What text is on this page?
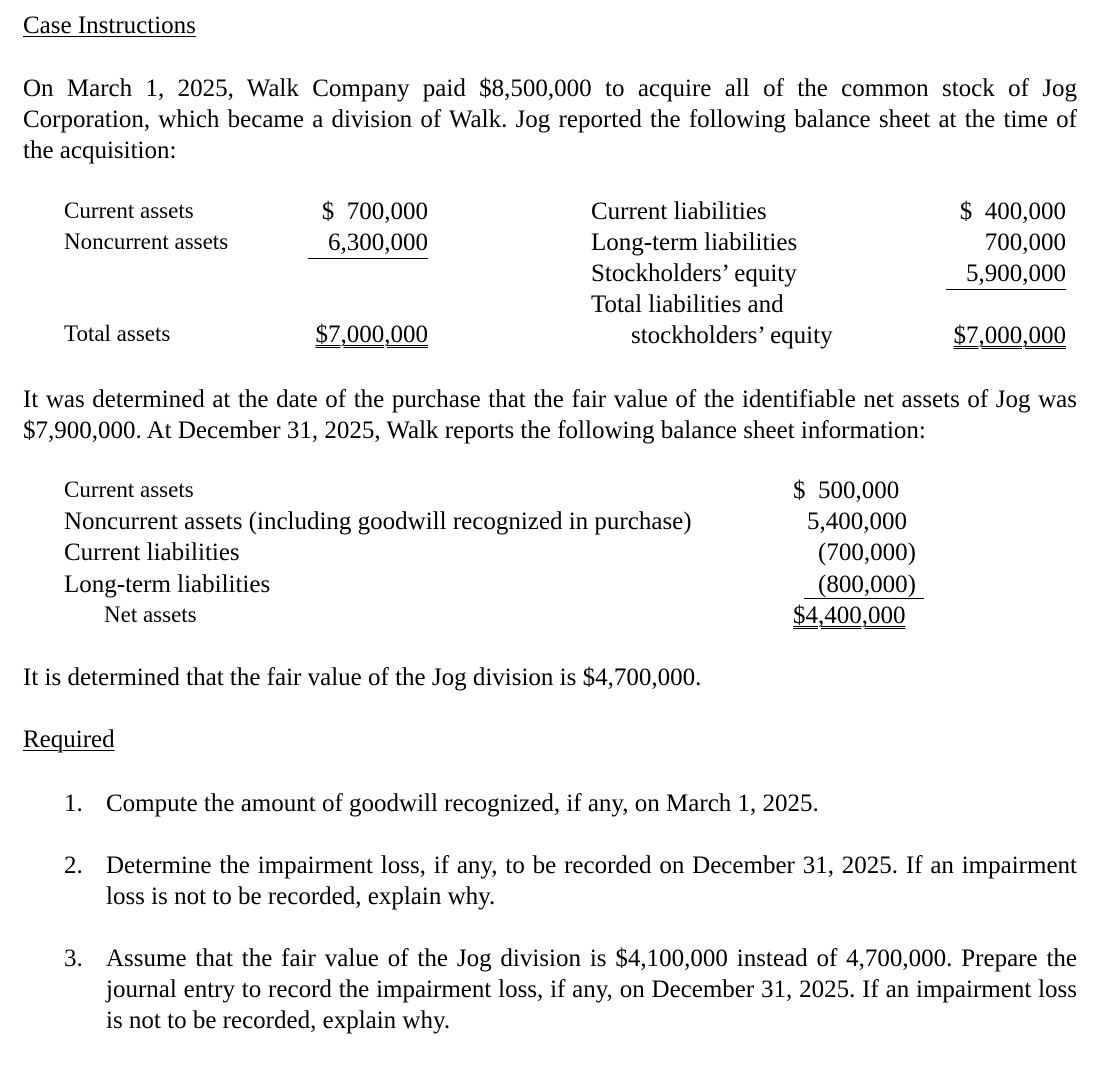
Case Instructions
On March 1, 2025, Walk Company paid $8,500,000 to acquire all of the common stock of Jog Corporation, which became a division of Walk. Jog reported the following balance sheet at the time of the acquisition:
Current assets
Noncurrent assets
Total assets
$  700,000
6,300,000
$7,000,000
Current liabilities
Long-term liabilities
Stockholders’ equity
Total liabilities and
stockholders’ equity
$  400,000
700,000
5,900,000
$7,000,000
It was determined at the date of the purchase that the fair value of the identifiable net assets of Jog was $7,900,000. At December 31, 2025, Walk reports the following balance sheet information:
Current assets
Noncurrent assets (including goodwill recognized in purchase)
Current liabilities
Long-term liabilities
Net assets
$  500,000
5,400,000
(700,000)
(800,000)
$4,400,000
It is determined that the fair value of the Jog division is $4,700,000.
Required
1. Compute the amount of goodwill recognized, if any, on March 1, 2025.
2. Determine the impairment loss, if any, to be recorded on December 31, 2025. If an impairment loss is not to be recorded, explain why.
3. Assume that the fair value of the Jog division is $4,100,000 instead of 4,700,000. Prepare the journal entry to record the impairment loss, if any, on December 31, 2025. If an impairment loss is not to be recorded, explain why.
